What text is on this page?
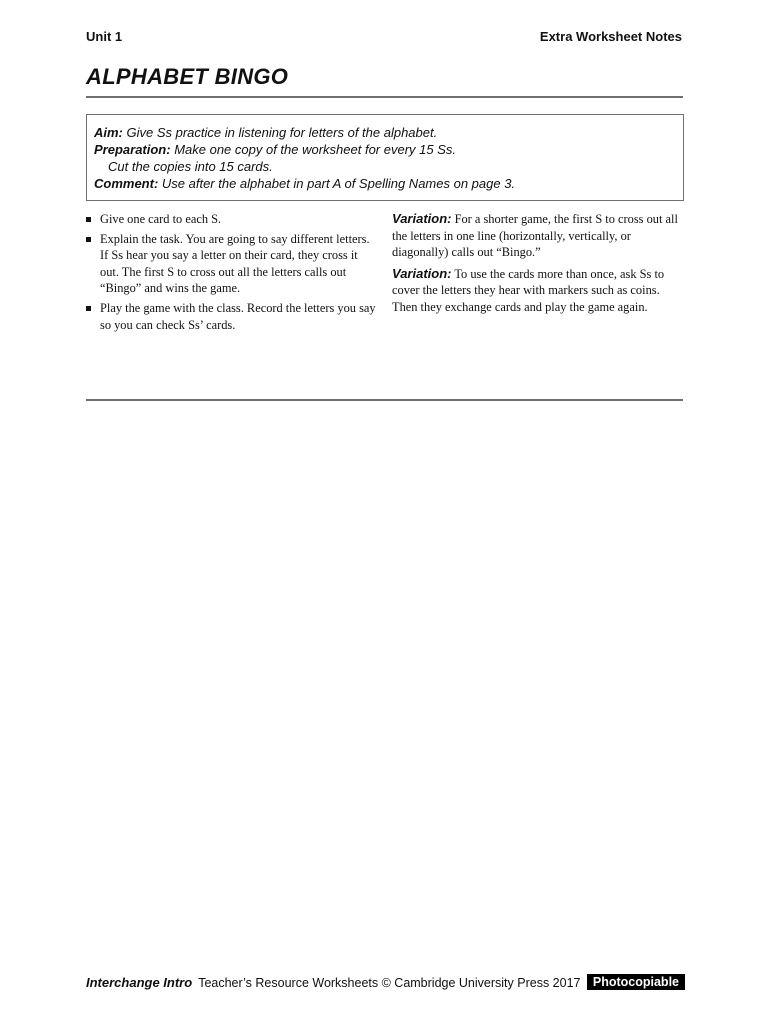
Unit 1	Extra Worksheet Notes
ALPHABET BINGO
Aim: Give Ss practice in listening for letters of the alphabet.
Preparation: Make one copy of the worksheet for every 15 Ss.
Cut the copies into 15 cards.
Comment: Use after the alphabet in part A of Spelling Names on page 3.
Give one card to each S.
Explain the task. You are going to say different letters. If Ss hear you say a letter on their card, they cross it out. The first S to cross out all the letters calls out “Bingo” and wins the game.
Play the game with the class. Record the letters you say so you can check Ss’ cards.
Variation: For a shorter game, the first S to cross out all the letters in one line (horizontally, vertically, or diagonally) calls out “Bingo.”
Variation: To use the cards more than once, ask Ss to cover the letters they hear with markers such as coins. Then they exchange cards and play the game again.
Interchange Intro Teacher’s Resource Worksheets © Cambridge University Press 2017 Photocopiable
